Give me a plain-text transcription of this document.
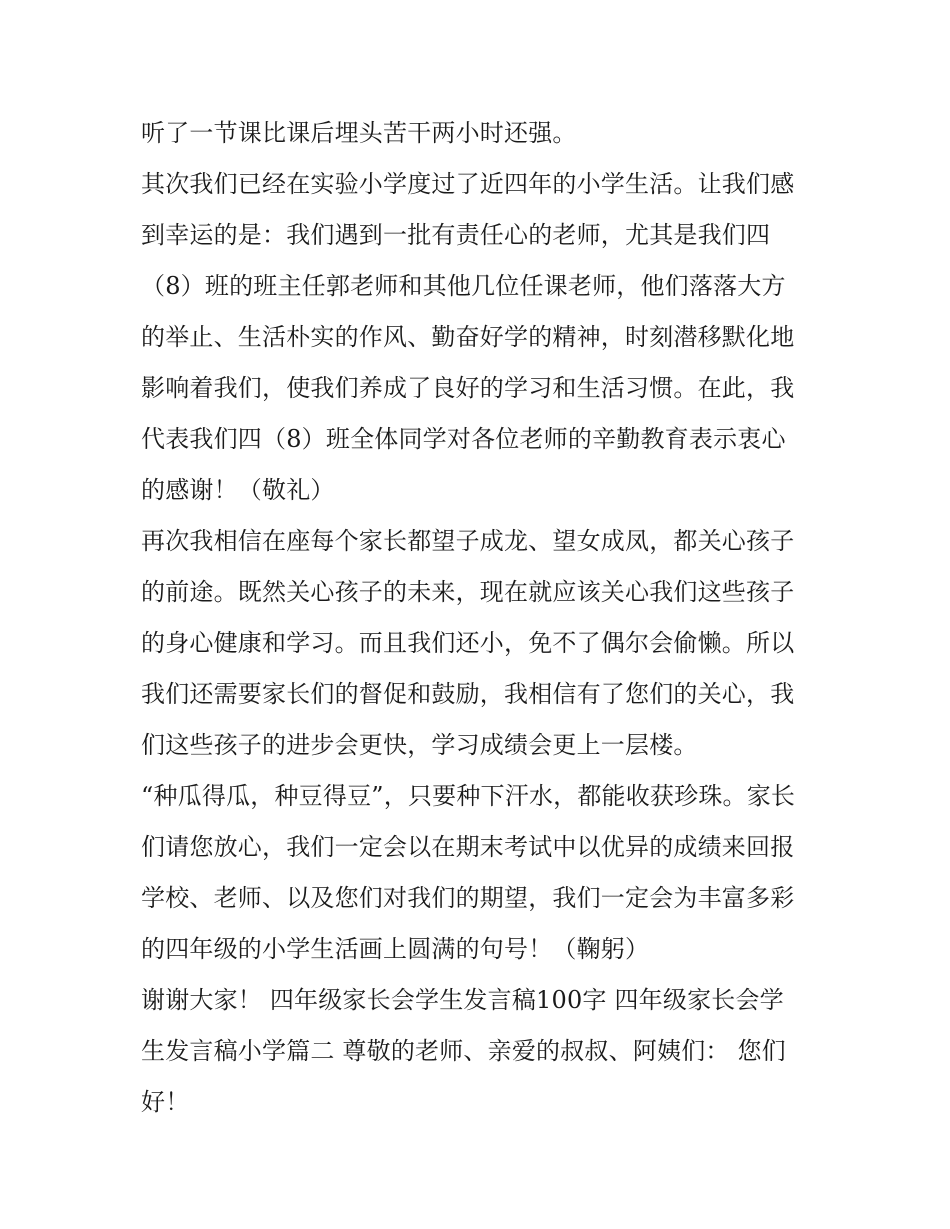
听了一节课比课后埋头苦干两小时还强。
其次我们已经在实验小学度过了近四年的小学生活。让我们感
到幸运的是：我们遇到一批有责任心的老师，尤其是我们四
（8）班的班主任郭老师和其他几位任课老师，他们落落大方
的举止、生活朴实的作风、勤奋好学的精神，时刻潜移默化地
影响着我们，使我们养成了良好的学习和生活习惯。在此，我
代表我们四（8）班全体同学对各位老师的辛勤教育表示衷心
的感谢！（敬礼）
再次我相信在座每个家长都望子成龙、望女成凤，都关心孩子
的前途。既然关心孩子的未来，现在就应该关心我们这些孩子
的身心健康和学习。而且我们还小，免不了偶尔会偷懒。所以
我们还需要家长们的督促和鼓励，我相信有了您们的关心，我
们这些孩子的进步会更快，学习成绩会更上一层楼。
“种瓜得瓜，种豆得豆”，只要种下汗水，都能收获珍珠。家长
们请您放心，我们一定会以在期末考试中以优异的成绩来回报
学校、老师、以及您们对我们的期望，我们一定会为丰富多彩
的四年级的小学生活画上圆满的句号！（鞠躬）
谢谢大家！ 四年级家长会学生发言稿100字 四年级家长会学
生发言稿小学篇二 尊敬的老师、亲爱的叔叔、阿姨们： 您们
好！
